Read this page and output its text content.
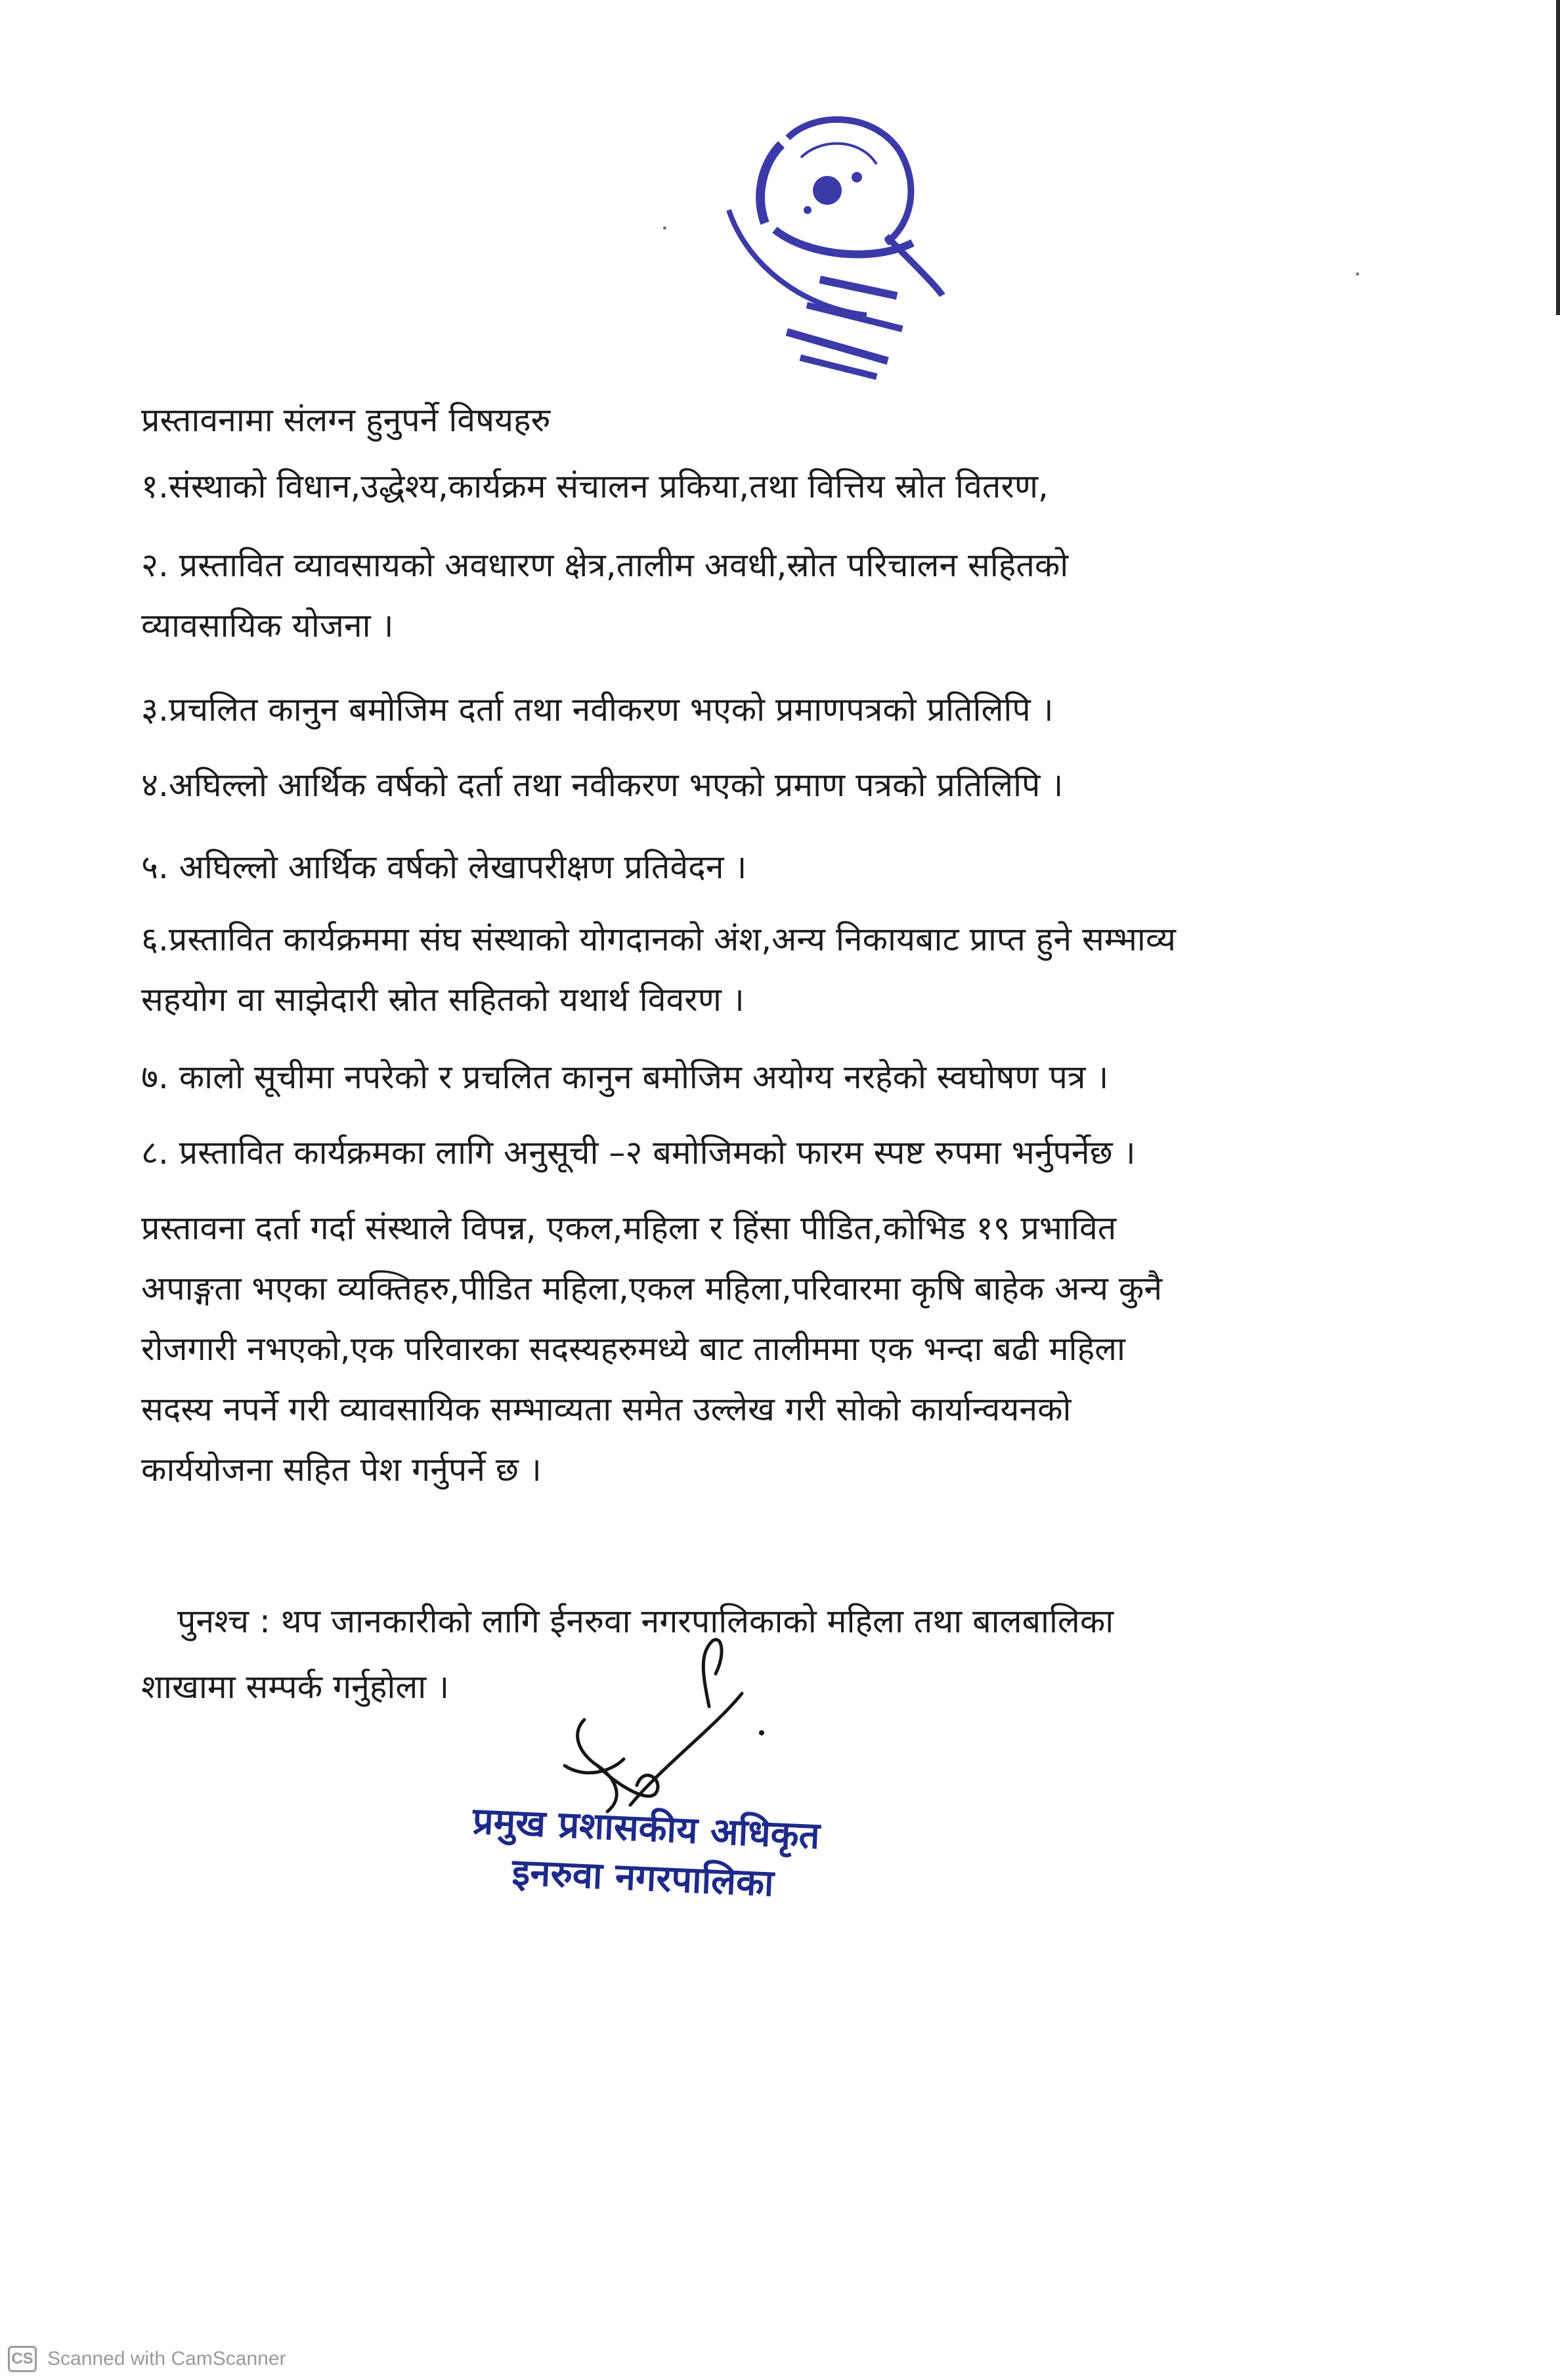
प्रस्तावनामा संलग्न हुनुपर्ने विषयहरु
१.संस्थाको विधान,उद्धेश्य,कार्यक्रम संचालन प्रकिया,तथा वित्तिय स्रोत वितरण,
२. प्रस्तावित व्यावसायको अवधारण क्षेत्र,तालीम अवधी,स्रोत परिचालन सहितको
व्यावसायिक योजना ।
३.प्रचलित कानुन बमोजिम दर्ता तथा नवीकरण भएको प्रमाणपत्रको प्रतिलिपि ।
४.अघिल्लो आर्थिक वर्षको दर्ता तथा नवीकरण भएको प्रमाण पत्रको प्रतिलिपि ।
५. अघिल्लो आर्थिक वर्षको लेखापरीक्षण प्रतिवेदन ।
६.प्रस्तावित कार्यक्रममा संघ संस्थाको योगदानको अंश,अन्य निकायबाट प्राप्त हुने सम्भाव्य
सहयोग वा साझेदारी स्रोत सहितको यथार्थ विवरण ।
७. कालो सूचीमा नपरेको र प्रचलित कानुन बमोजिम अयोग्य नरहेको स्वघोषण पत्र ।
८. प्रस्तावित कार्यक्रमका लागि अनुसूची –२ बमोजिमको फारम स्पष्ट रुपमा भर्नुपर्नेछ ।
प्रस्तावना दर्ता गर्दा संस्थाले विपन्न, एकल,महिला र हिंसा पीडित,कोभिड १९ प्रभावित
अपाङ्गता भएका व्यक्तिहरु,पीडित महिला,एकल महिला,परिवारमा कृषि बाहेक अन्य कुनै
रोजगारी नभएको,एक परिवारका सदस्यहरुमध्ये बाट तालीममा एक भन्दा बढी महिला
सदस्य नपर्ने गरी व्यावसायिक सम्भाव्यता समेत उल्लेख गरी सोको कार्यान्वयनको
कार्ययोजना सहित पेश गर्नुपर्ने छ ।
पुनश्च : थप जानकारीको लागि ईनरुवा नगरपालिकाको महिला तथा बालबालिका
शाखामा सम्पर्क गर्नुहोला ।
प्रमुख प्रशासकीय अधिकृत
इनरुवा नगरपालिका
CS Scanned with CamScanner
